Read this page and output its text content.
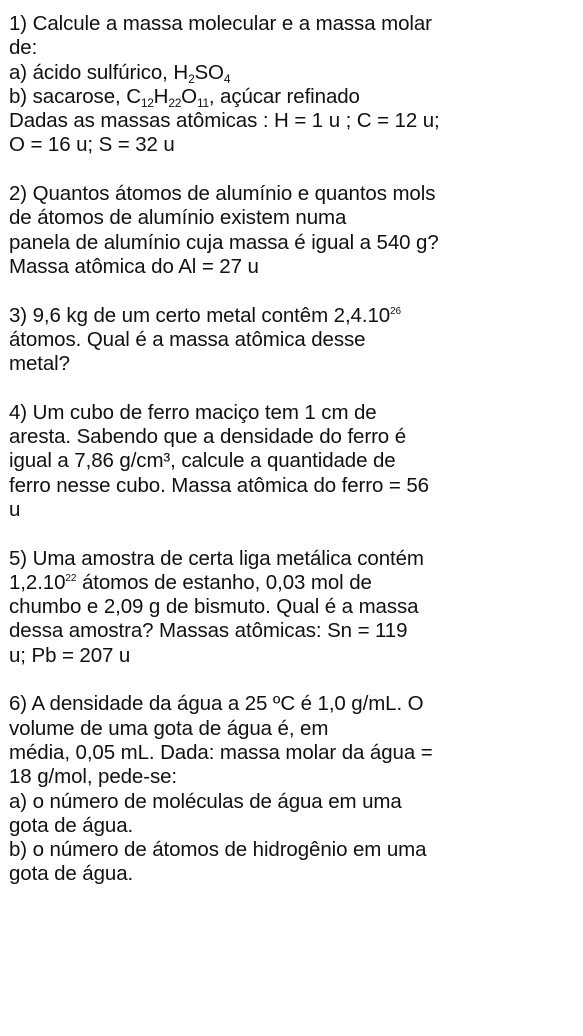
1) Calcule a massa molecular e a massa molar
de:
a) ácido sulfúrico, H2SO4
b) sacarose, C12H22O11, açúcar refinado
Dadas as massas atômicas : H = 1 u ; C = 12 u;
O = 16 u; S = 32 u
2) Quantos átomos de alumínio e quantos mols
de átomos de alumínio existem numa
panela de alumínio cuja massa é igual a 540 g?
Massa atômica do Al = 27 u
3) 9,6 kg de um certo metal contêm 2,4.10$^{26}$
átomos. Qual é a massa atômica desse
metal?
4) Um cubo de ferro maciço tem 1 cm de
aresta. Sabendo que a densidade do ferro é
igual a 7,86 g/cm³, calcule a quantidade de
ferro nesse cubo. Massa atômica do ferro = 56
u
5) Uma amostra de certa liga metálica contém
1,2.10$^{22}$ átomos de estanho, 0,03 mol de
chumbo e 2,09 g de bismuto. Qual é a massa
dessa amostra? Massas atômicas: Sn = 119
u; Pb = 207 u
6) A densidade da água a 25 ºC é 1,0 g/mL. O
volume de uma gota de água é, em
média, 0,05 mL. Dada: massa molar da água =
18 g/mol, pede-se:
a) o número de moléculas de água em uma
gota de água.
b) o número de átomos de hidrogênio em uma
gota de água.
